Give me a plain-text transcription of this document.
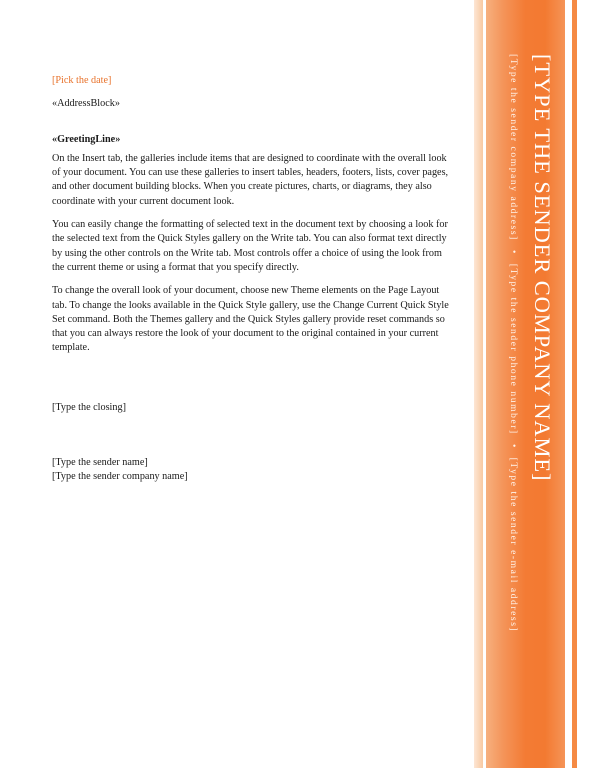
[Pick the date]

«AddressBlock»

«GreetingLine»

On the Insert tab, the galleries include items that are designed to coordinate with the overall look of your document. You can use these galleries to insert tables, headers, footers, lists, cover pages, and other document building blocks. When you create pictures, charts, or diagrams, they also coordinate with your current document look.

You can easily change the formatting of selected text in the document text by choosing a look for the selected text from the Quick Styles gallery on the Write tab. You can also format text directly by using the other controls on the Write tab. Most controls offer a choice of using the look from the current theme or using a format that you specify directly.

To change the overall look of your document, choose new Theme elements on the Page Layout tab. To change the looks available in the Quick Style gallery, use the Change Current Quick Style Set command. Both the Themes gallery and the Quick Styles gallery provide reset commands so that you can always restore the look of your document to the original contained in your current template.

[Type the closing]

[Type the sender name]
[Type the sender company name]	[TYPE THE SENDER COMPANY NAME]
[Type the sender company address] • [Type the sender phone number] • [Type the sender e-mail address]
